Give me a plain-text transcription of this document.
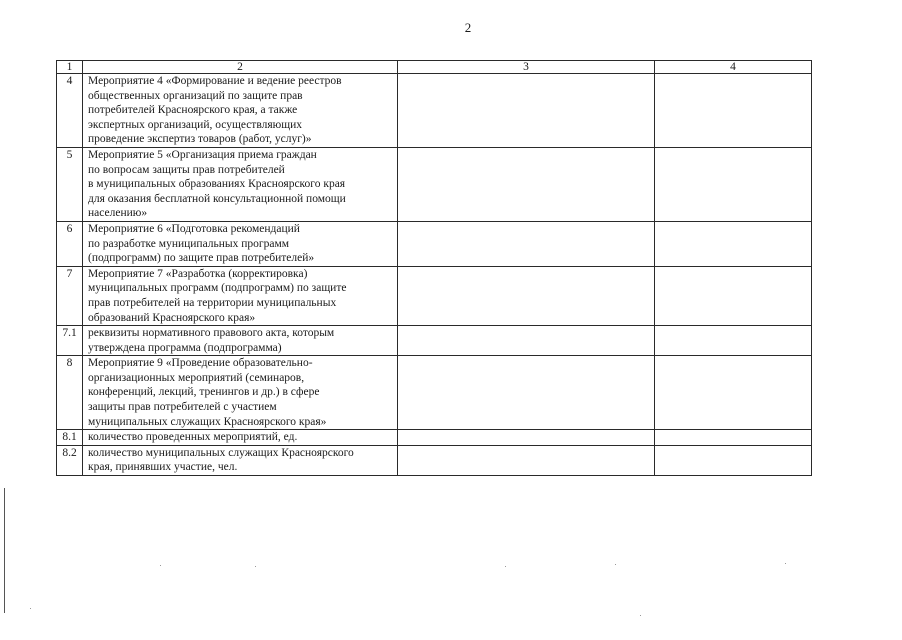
2
1	2	3	4
4	Мероприятие 4 «Формирование и ведение реестров
общественных организаций по защите прав
потребителей Красноярского края, а также
экспертных организаций, осуществляющих
проведение экспертиз товаров (работ, услуг)»		
5	Мероприятие 5 «Организация приема граждан
по вопросам защиты прав потребителей
в муниципальных образованиях Красноярского края
для оказания бесплатной консультационной помощи
населению»		
6	Мероприятие 6 «Подготовка рекомендаций
по разработке муниципальных программ
(подпрограмм) по защите прав потребителей»		
7	Мероприятие 7 «Разработка (корректировка)
муниципальных программ (подпрограмм) по защите
прав потребителей на территории муниципальных
образований Красноярского края»		
7.1	реквизиты нормативного правового акта, которым
утверждена программа (подпрограмма)		
8	Мероприятие 9 «Проведение образовательно-
организационных мероприятий (семинаров,
конференций, лекций, тренингов и др.) в сфере
защиты прав потребителей с участием
муниципальных служащих Красноярского края»		
8.1	количество проведенных мероприятий, ед.		
8.2	количество муниципальных служащих Красноярского
края, принявших участие, чел.		
